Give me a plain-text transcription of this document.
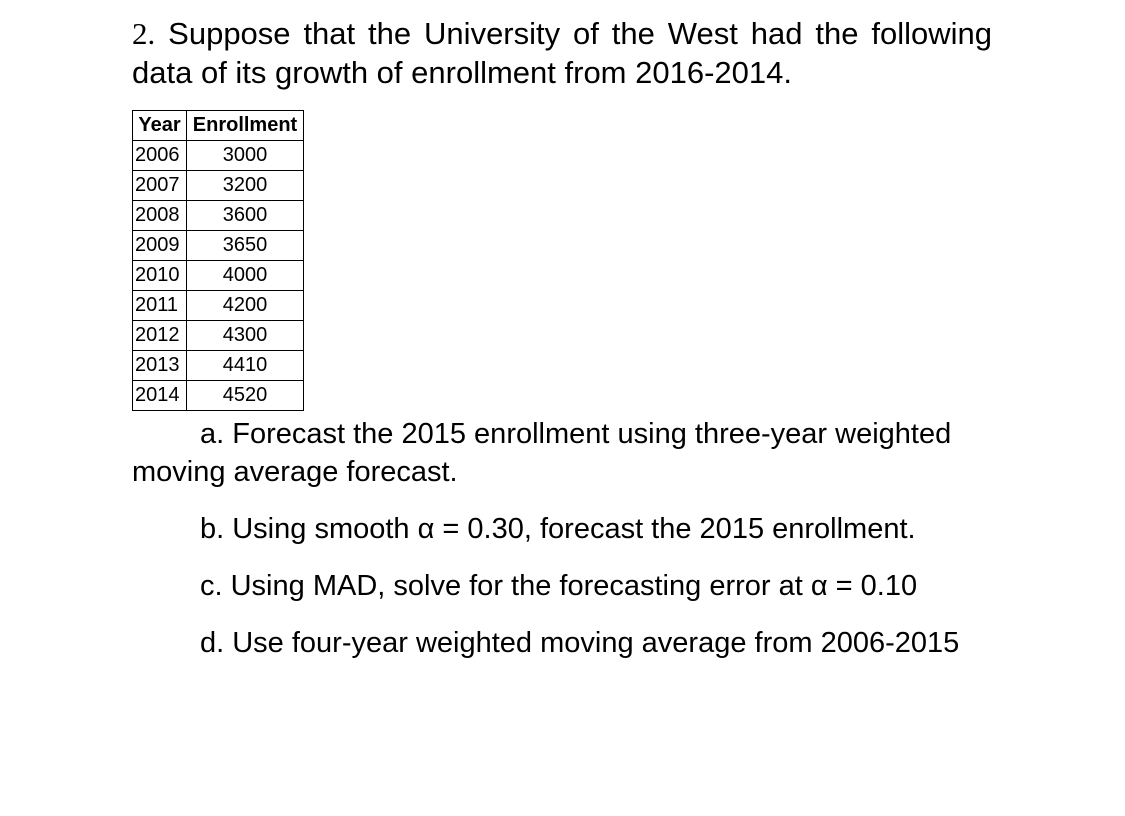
2. Suppose that the University of the West had the following data of its growth of enrollment from 2016-2014.

Year	Enrollment
2006	3000
2007	3200
2008	3600
2009	3650
2010	4000
2011	4200
2012	4300
2013	4410
2014	4520

a. Forecast the 2015 enrollment using three-year weighted moving average forecast.

b. Using smooth α = 0.30, forecast the 2015 enrollment.

c. Using MAD, solve for the forecasting error at α = 0.10

d. Use four-year weighted moving average from 2006-2015
